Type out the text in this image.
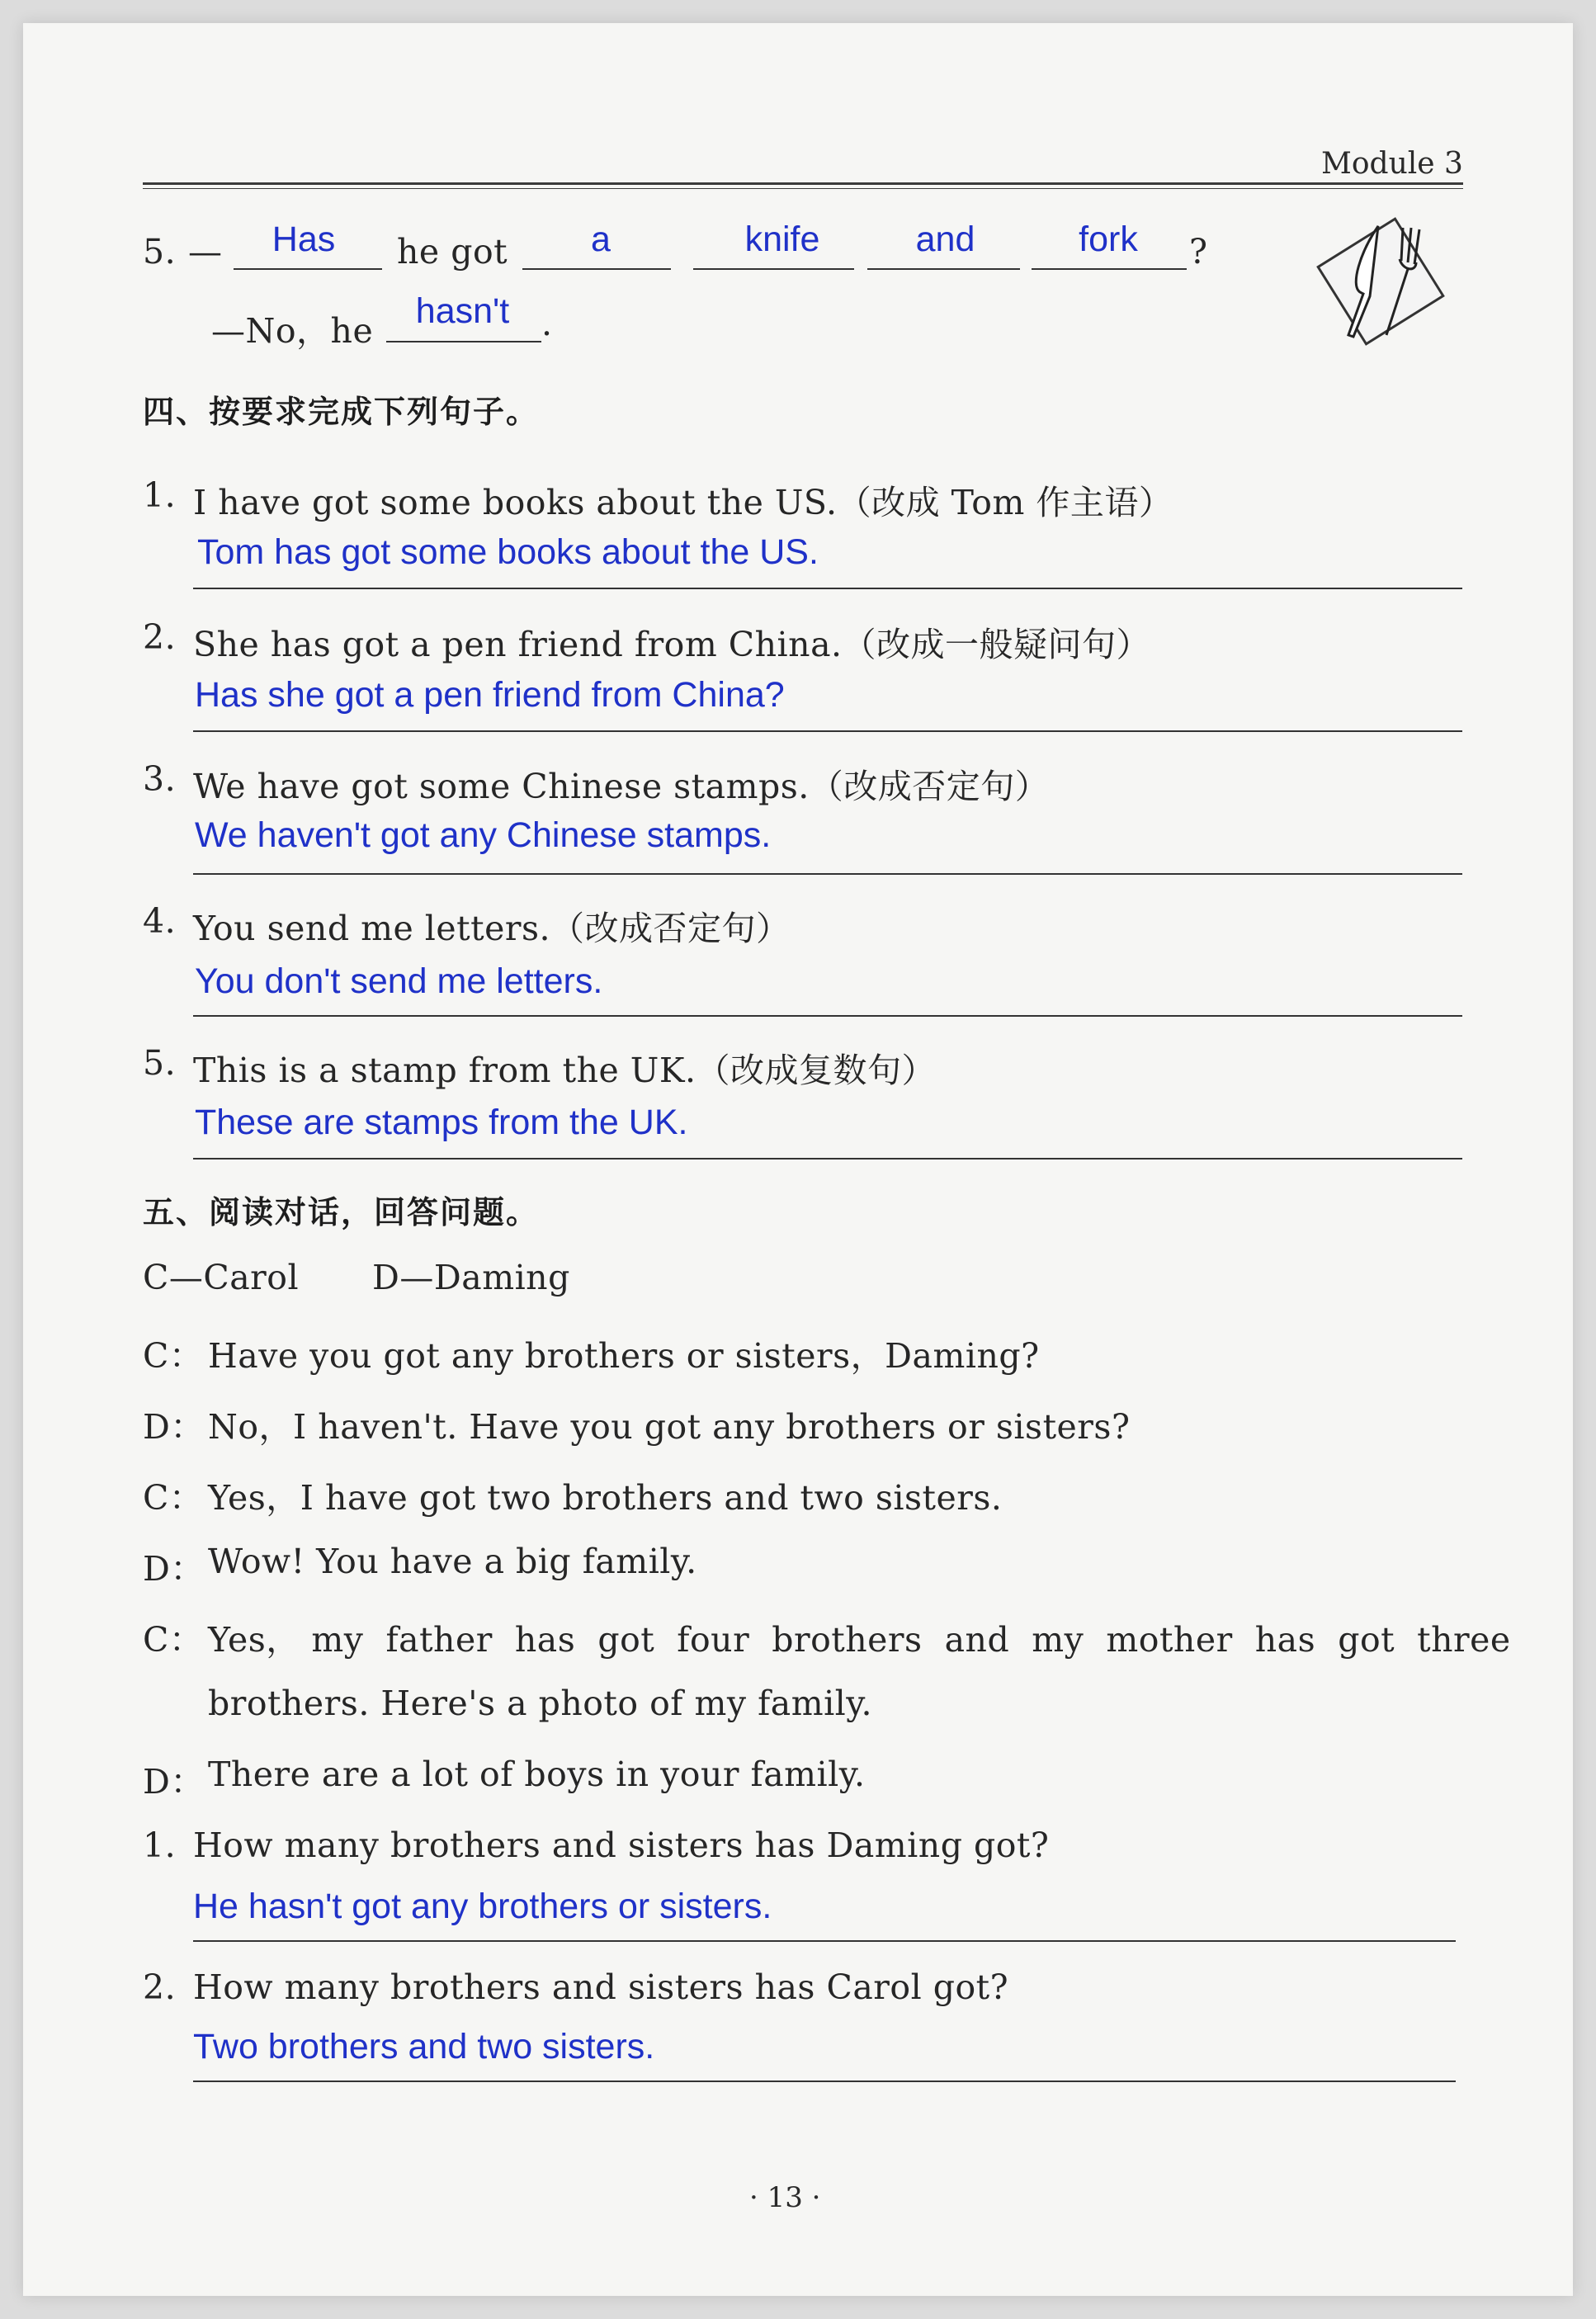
Module 3
5. —	Has	he got	a	knife	and	fork	?
—No，he	hasn't .
四、按要求完成下列句子。
1. I have got some books about the US.（改成 Tom 作主语）
Tom has got some books about the US.
2. She has got a pen friend from China.（改成一般疑问句）
Has she got a pen friend from China?
3. We have got some Chinese stamps.（改成否定句）
We haven't got any Chinese stamps.
4. You send me letters.（改成否定句）
You don't send me letters.
5. This is a stamp from the UK.（改成复数句）
These are stamps from the UK.
五、阅读对话，回答问题。
C—Carol D—Daming
C： Have you got any brothers or sisters，Daming?
D： No，I haven't. Have you got any brothers or sisters?
C： Yes，I have got two brothers and two sisters.
D： Wow! You have a big family.
C： Yes， my  father  has  got  four  brothers  and  my  mother  has  got  three
brothers. Here's a photo of my family.
D： There are a lot of boys in your family.
1. How many brothers and sisters has Daming got?
He hasn't got any brothers or sisters.
2. How many brothers and sisters has Carol got?
Two brothers and two sisters.
· 13 ·
